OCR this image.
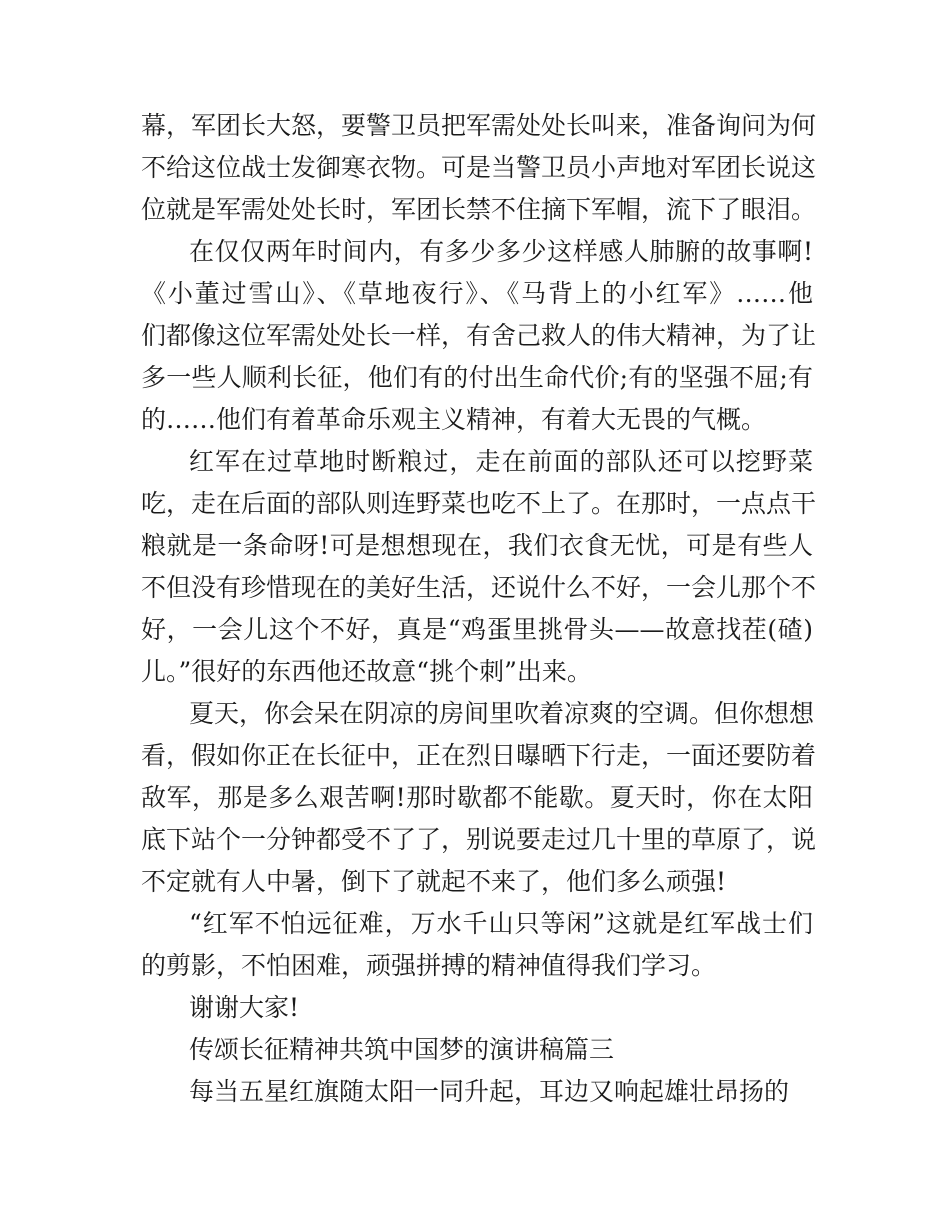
幕，军团长大怒，要警卫员把军需处处长叫来，准备询问为何
不给这位战士发御寒衣物。可是当警卫员小声地对军团长说这
位就是军需处处长时，军团长禁不住摘下军帽，流下了眼泪。
在仅仅两年时间内，有多少多少这样感人肺腑的故事啊!
《小董过雪山》、《草地夜行》、《马背上的小红军》……他
们都像这位军需处处长一样，有舍己救人的伟大精神，为了让
多一些人顺利长征，他们有的付出生命代价;有的坚强不屈;有
的……他们有着革命乐观主义精神，有着大无畏的气概。
红军在过草地时断粮过，走在前面的部队还可以挖野菜
吃，走在后面的部队则连野菜也吃不上了。在那时，一点点干
粮就是一条命呀!可是想想现在，我们衣食无忧，可是有些人
不但没有珍惜现在的美好生活，还说什么不好，一会儿那个不
好，一会儿这个不好，真是“鸡蛋里挑骨头——故意找茬(碴)
儿。”很好的东西他还故意“挑个刺”出来。
夏天，你会呆在阴凉的房间里吹着凉爽的空调。但你想想
看，假如你正在长征中，正在烈日曝晒下行走，一面还要防着
敌军，那是多么艰苦啊!那时歇都不能歇。夏天时，你在太阳
底下站个一分钟都受不了了，别说要走过几十里的草原了，说
不定就有人中暑，倒下了就起不来了，他们多么顽强!
“红军不怕远征难，万水千山只等闲”这就是红军战士们
的剪影，不怕困难，顽强拼搏的精神值得我们学习。
谢谢大家!
传颂长征精神共筑中国梦的演讲稿篇三
每当五星红旗随太阳一同升起，耳边又响起雄壮昂扬的
